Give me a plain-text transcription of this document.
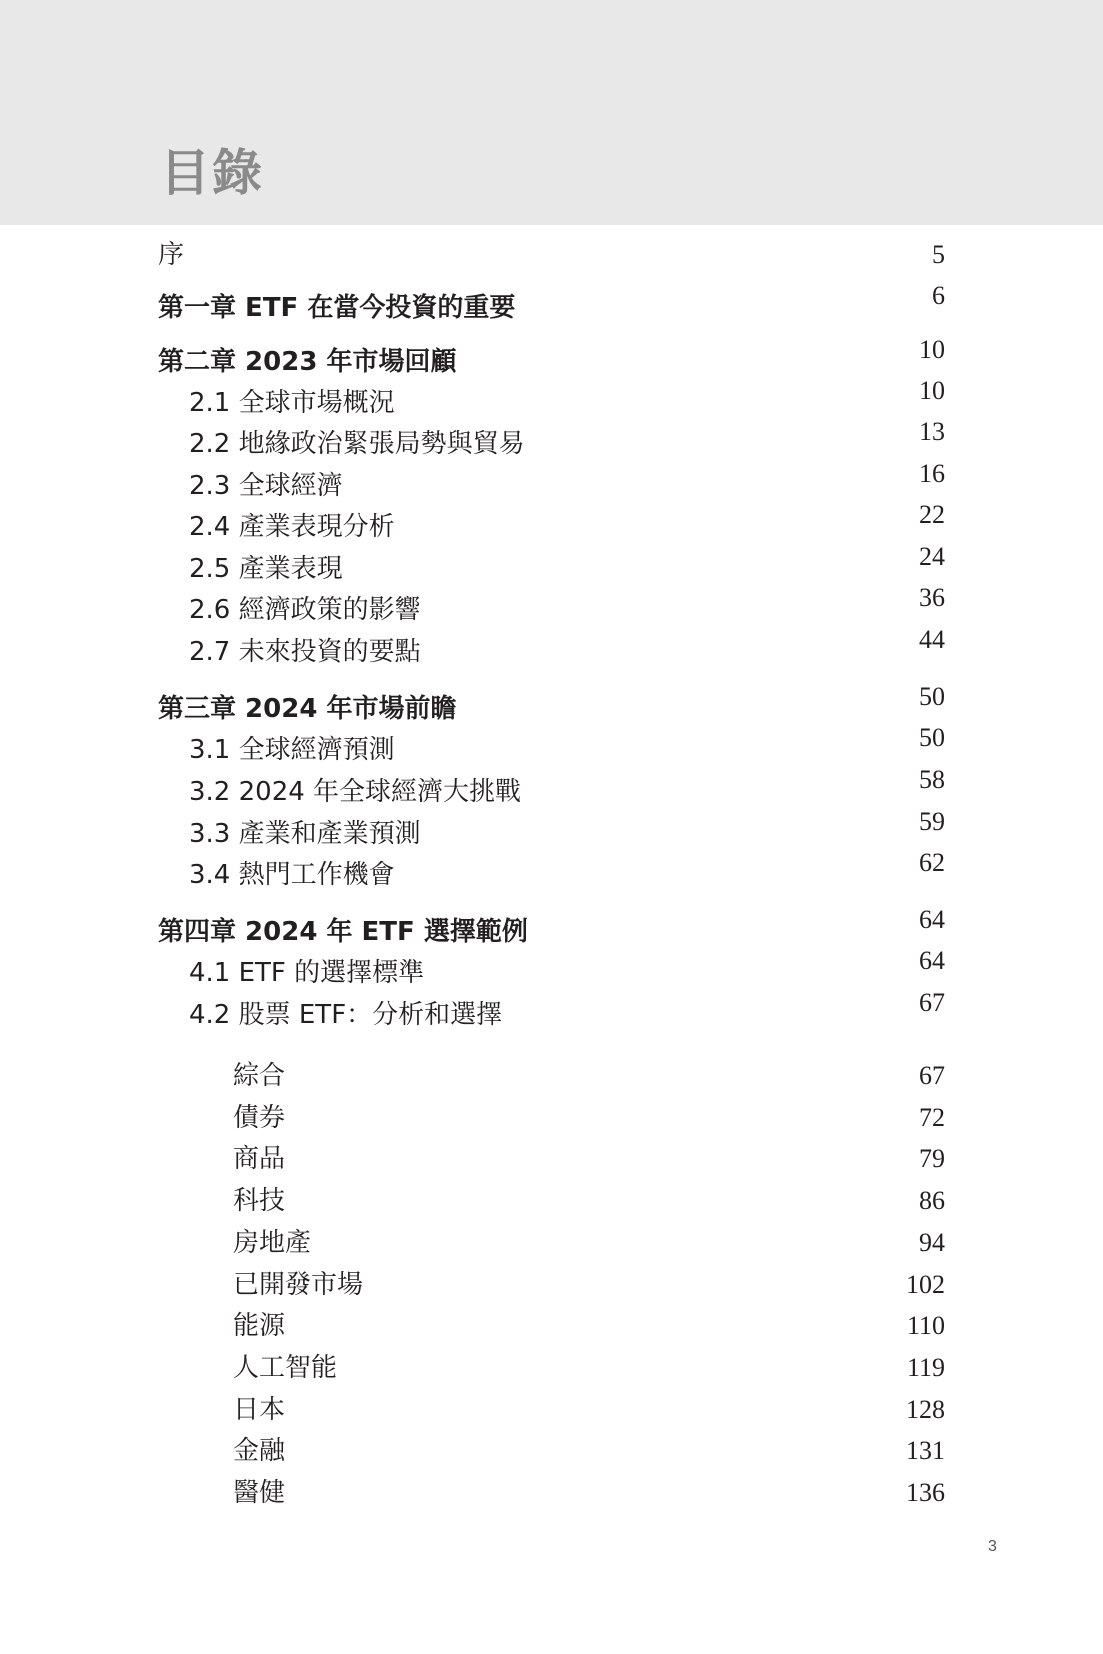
目錄
序	5
第一章 ETF 在當今投資的重要	6
第二章 2023 年市場回顧	10
2.1 全球市場概況	10
2.2 地緣政治緊張局勢與貿易	13
2.3 全球經濟	16
2.4 產業表現分析	22
2.5 產業表現	24
2.6 經濟政策的影響	36
2.7 未來投資的要點	44
第三章 2024 年市場前瞻	50
3.1 全球經濟預測	50
3.2 2024 年全球經濟大挑戰	58
3.3 產業和產業預測	59
3.4 熱門工作機會	62
第四章 2024 年 ETF 選擇範例	64
4.1 ETF 的選擇標準	64
4.2 股票 ETF：分析和選擇	67
綜合	67
債券	72
商品	79
科技	86
房地產	94
已開發市場	102
能源	110
人工智能	119
日本	128
金融	131
醫健	136
3
